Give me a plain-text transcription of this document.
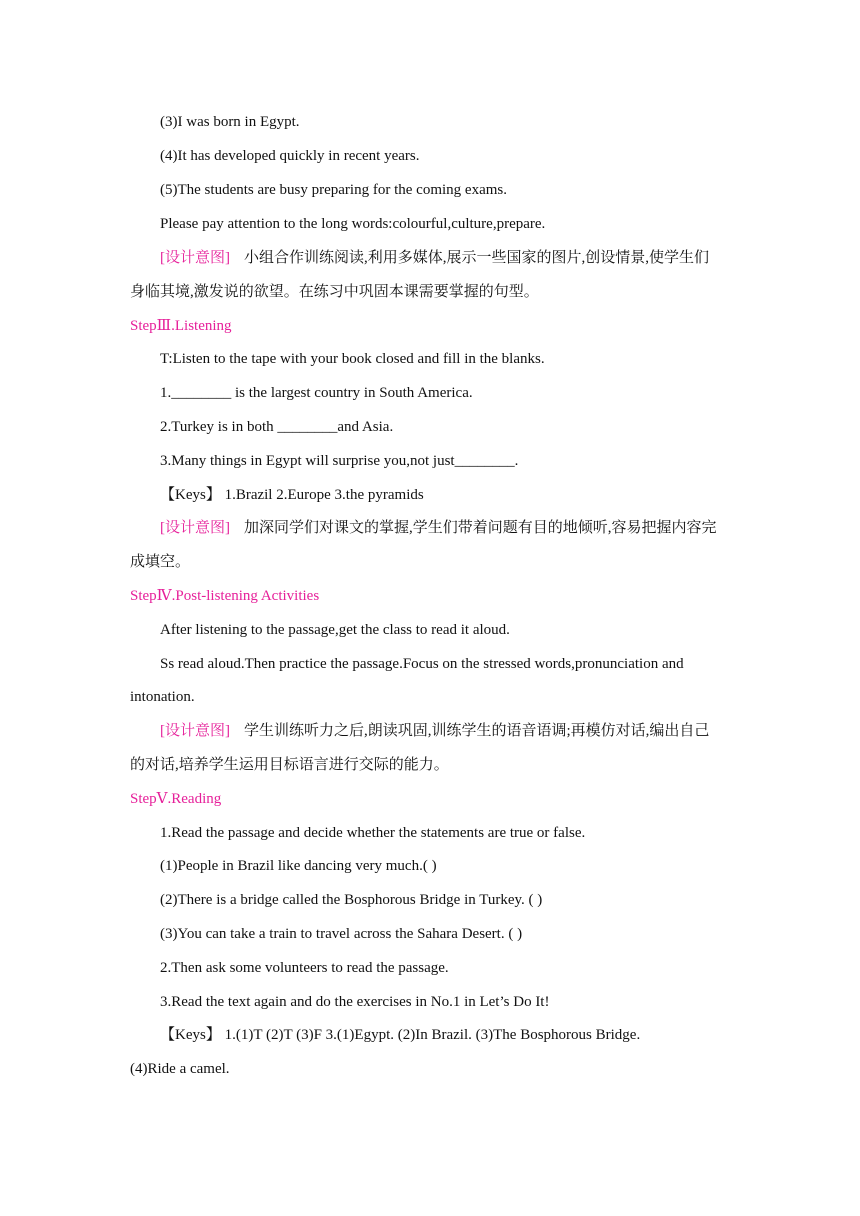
(3)I was born in Egypt.
(4)It has developed quickly in recent years.
(5)The students are busy preparing for the coming exams.
Please pay attention to the long words:colourful,culture,prepare.
[设计意图] 小组合作训练阅读,利用多媒体,展示一些国家的图片,创设情景,使学生们
身临其境,激发说的欲望。在练习中巩固本课需要掌握的句型。
StepⅢ.Listening
T:Listen to the tape with your book closed and fill in the blanks.
1.________ is the largest country in South America.
2.Turkey is in both ________and Asia.
3.Many things in Egypt will surprise you,not just________.
【Keys】 1.Brazil 2.Europe 3.the pyramids
[设计意图] 加深同学们对课文的掌握,学生们带着问题有目的地倾听,容易把握内容完
成填空。
StepⅣ.Post-listening Activities
After listening to the passage,get the class to read it aloud.
Ss read aloud.Then practice the passage.Focus on the stressed words,pronunciation and
intonation.
[设计意图] 学生训练听力之后,朗读巩固,训练学生的语音语调;再模仿对话,编出自己
的对话,培养学生运用目标语言进行交际的能力。
StepⅤ.Reading
1.Read the passage and decide whether the statements are true or false.
(1)People in Brazil like dancing very much.( )
(2)There is a bridge called the Bosphorous Bridge in Turkey. ( )
(3)You can take a train to travel across the Sahara Desert. ( )
2.Then ask some volunteers to read the passage.
3.Read the text again and do the exercises in No.1 in Let’s Do It!
【Keys】 1.(1)T (2)T (3)F 3.(1)Egypt. (2)In Brazil. (3)The Bosphorous Bridge.
(4)Ride a camel.
